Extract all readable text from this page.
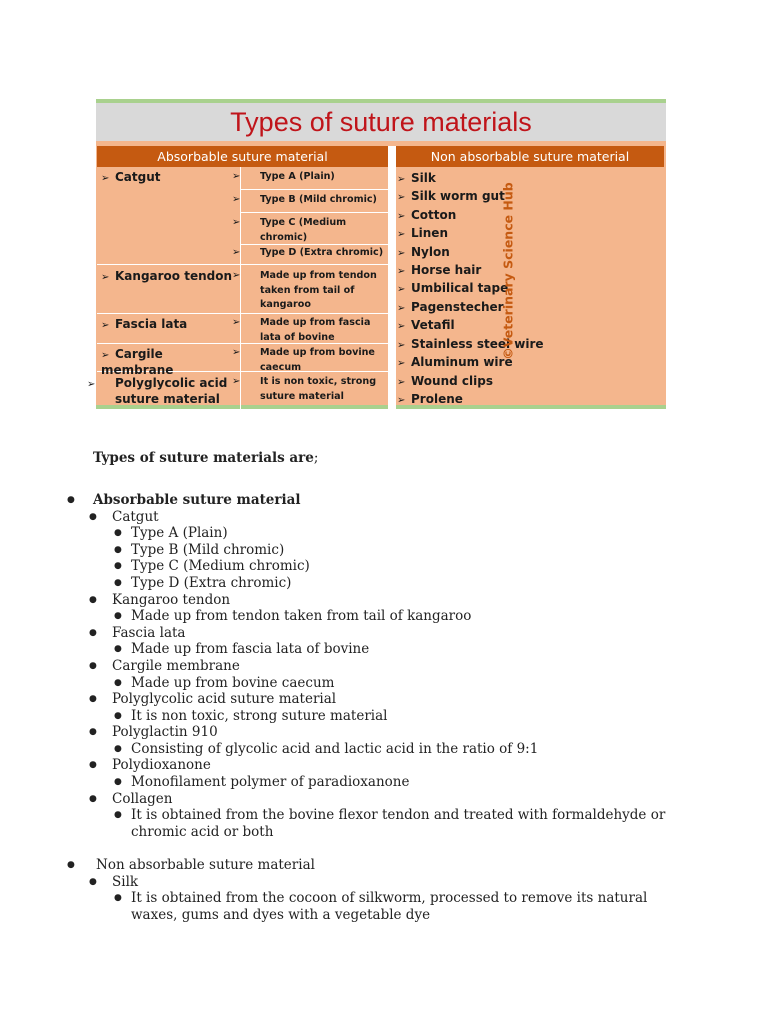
Types of suture materials
Absorbable suture material	Non absorbable suture material
➢ Catgut
➢ Kangaroo tendon
➢ Fascia lata
➢ Cargile membrane
➢ Polyglycolic acid suture material
➢ Type A (Plain)
➢ Type B (Mild chromic)
➢ Type C (Medium chromic)
➢ Type D (Extra chromic)
➢ Made up from tendon taken from tail of kangaroo
➢ Made up from fascia lata of bovine
➢ Made up from bovine caecum
➢ It is non toxic, strong suture material
➢ Silk
➢ Silk worm gut
➢ Cotton
➢ Linen
➢ Nylon
➢ Horse hair
➢ Umbilical tape
➢ Pagenstecher
➢ Vetafil
➢ Stainless steel wire
➢ Aluminum wire
➢ Wound clips
➢ Prolene
©Veterinary Science Hub
Types of suture materials are;
● Absorbable suture material
● Catgut
● Type A (Plain)
● Type B (Mild chromic)
● Type C (Medium chromic)
● Type D (Extra chromic)
● Kangaroo tendon
● Made up from tendon taken from tail of kangaroo
● Fascia lata
● Made up from fascia lata of bovine
● Cargile membrane
● Made up from bovine caecum
● Polyglycolic acid suture material
● It is non toxic, strong suture material
● Polyglactin 910
● Consisting of glycolic acid and lactic acid in the ratio of 9:1
● Polydioxanone
● Monofilament polymer of paradioxanone
● Collagen
● It is obtained from the bovine flexor tendon and treated with formaldehyde or
chromic acid or both
● Non absorbable suture material
● Silk
● It is obtained from the cocoon of silkworm, processed to remove its natural
waxes, gums and dyes with a vegetable dye
